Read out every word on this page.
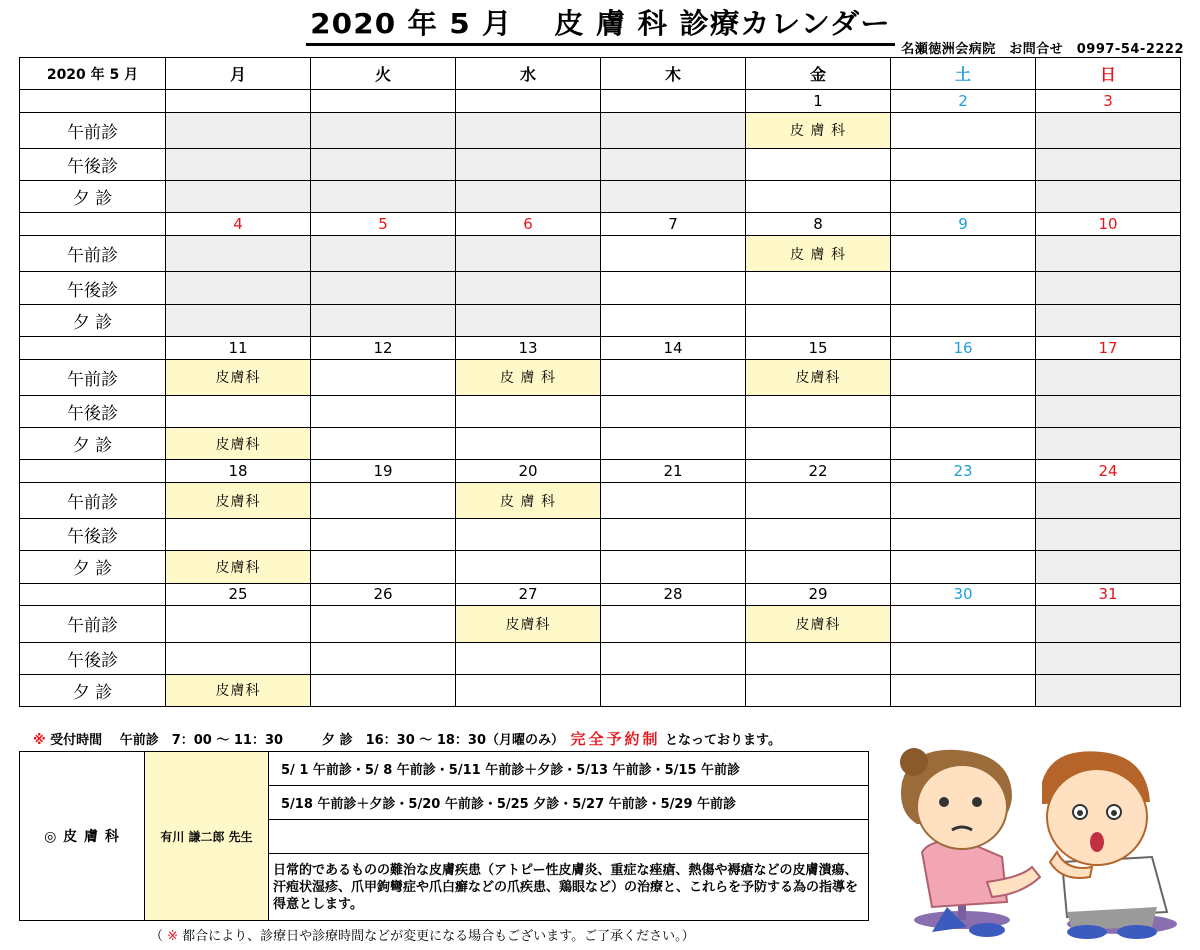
2020 年 5 月　 皮 膚 科 診療カレンダー
名瀬徳洲会病院　お問合せ　0997-54-2222
2020 年 5 月	月	火	水	木	金	土	日
					1	2	3
午前診					皮 膚 科		
午後診							
夕 診							
	4	5	6	7	8	9	10
午前診					皮 膚 科		
午後診							
夕 診							
	11	12	13	14	15	16	17
午前診	皮膚科		皮 膚 科		皮膚科		
午後診							
夕 診	皮膚科						
	18	19	20	21	22	23	24
午前診	皮膚科		皮 膚 科				
午後診							
夕 診	皮膚科						
	25	26	27	28	29	30	31
午前診			皮膚科		皮膚科		
午後診							
夕 診	皮膚科						
※ 受付時間　 午前診　7：00 ～ 11：30　　　夕 診　16：30 ～ 18：30（月曜のみ）　完全予約制 となっております。
◎ 皮 膚 科	有川 謙二郎 先生	5/ 1 午前診・5/ 8 午前診・5/11 午前診＋夕診・5/13 午前診・5/15 午前診
5/18 午前診＋夕診・5/20 午前診・5/25 夕診・5/27 午前診・5/29 午前診

日常的であるものの難治な皮膚疾患（アトピー性皮膚炎、重症な痤瘡、熱傷や褥瘡などの皮膚潰瘍、汗疱状湿疹、爪甲鉤彎症や爪白癬などの爪疾患、鶏眼など）の治療と、これらを予防する為の指導を得意とします。
（ ※ 都合により、診療日や診療時間などが変更になる場合もございます。ご了承ください。）
